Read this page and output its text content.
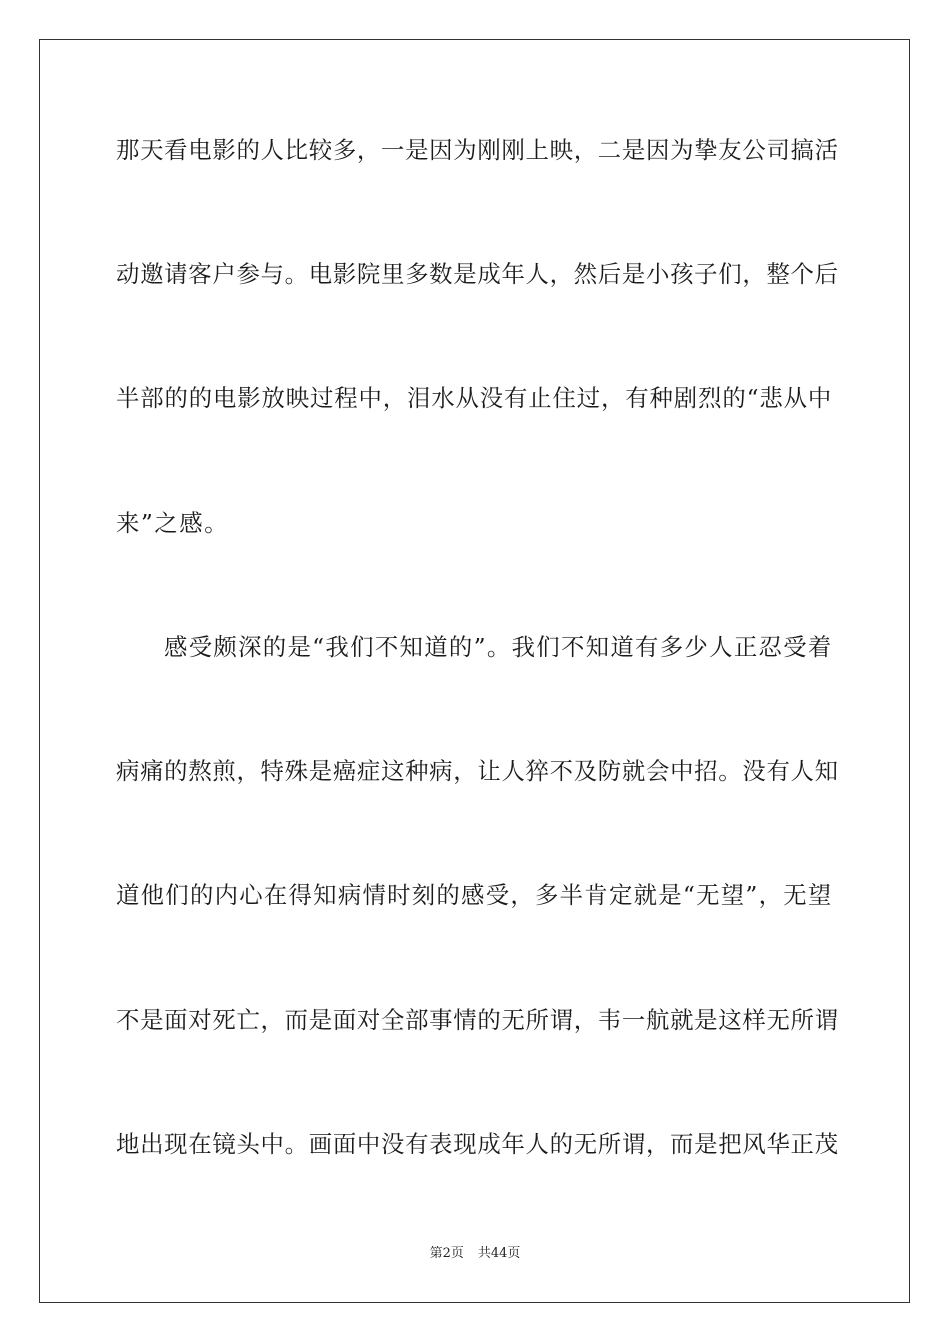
那天看电影的人比较多，一是因为刚刚上映，二是因为挚友公司搞活
动邀请客户参与。电影院里多数是成年人，然后是小孩子们，整个后
半部的的电影放映过程中，泪水从没有止住过，有种剧烈的“悲从中
来”之感。
感受颇深的是“我们不知道的”。我们不知道有多少人正忍受着
病痛的熬煎，特殊是癌症这种病，让人猝不及防就会中招。没有人知
道他们的内心在得知病情时刻的感受，多半肯定就是“无望”，无望
不是面对死亡，而是面对全部事情的无所谓，韦一航就是这样无所谓
地出现在镜头中。画面中没有表现成年人的无所谓，而是把风华正茂
第2页 共44页
